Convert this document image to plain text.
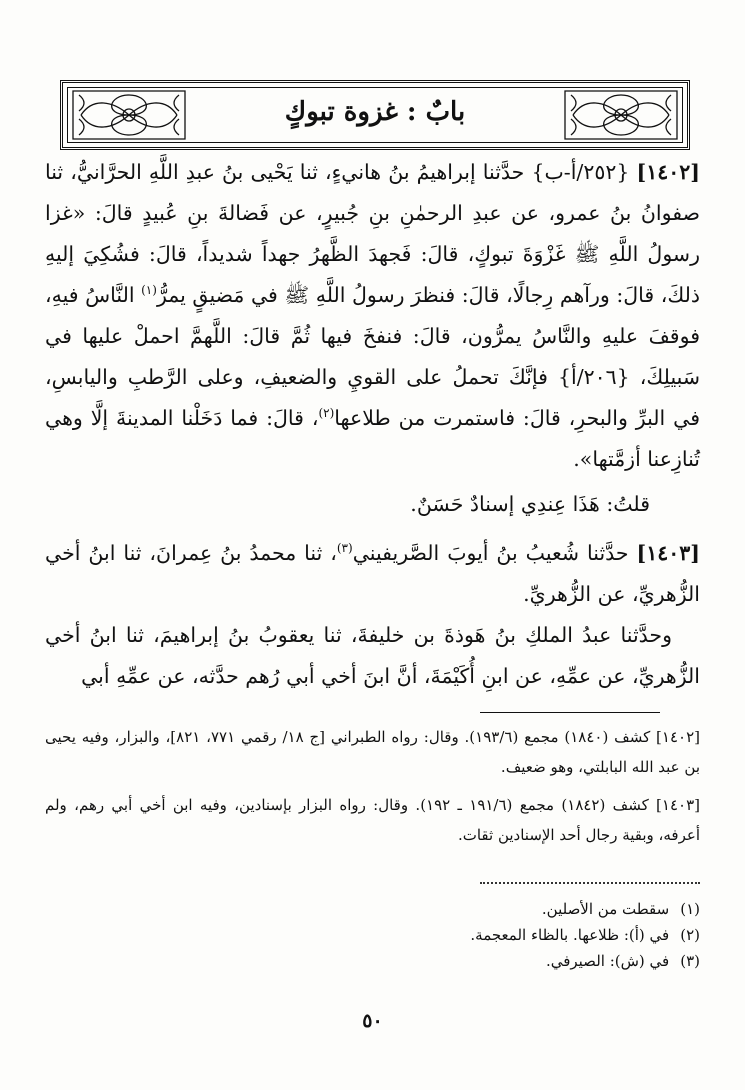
بابٌ : غزوة تبوكٍ

[١٤٠٢] {٢٥٢/أ-ب} حدَّثنا إبراهيمُ بنُ هانيءٍ، ثنا يَحْيى بنُ عبدِ اللَّهِ الحرَّانيُّ، ثنا صفوانُ بنُ عمرو، عن عبدِ الرحمٰنِ بنِ جُبيرٍ، عن فَضالةَ بنِ عُبيدٍ قالَ: «غزا رسولُ اللَّهِ ﷺ غَزْوَةَ تبوكٍ، قالَ: فَجهدَ الظَّهرُ جهداً شديداً، قالَ: فشُكِيَ إليهِ ذلكَ، قالَ: ورآهم رِجالًا، قالَ: فنظرَ رسولُ اللَّهِ ﷺ في مَضيقٍ يمرُّ$^{(١)}$ النَّاسُ فيهِ، فوقفَ عليهِ والنَّاسُ يمرُّون، قالَ: فنفخَ فيها ثُمَّ قالَ: اللَّهمَّ احملْ عليها في سَبيلِكَ، {٢٠٦/أ} فإنَّكَ تحملُ على القويِ والضعيفِ، وعلى الرَّطبِ واليابسِ، في البرِّ والبحرِ، قالَ: فاستمرت من طلاعها$^{(٢)}$، قالَ: فما دَخَلْنا المدينةَ إلَّا وهي تُنازِعنا أزمَّتها».

قلتُ: هَذَا عِندِي إسنادٌ حَسَنٌ.

[١٤٠٣] حدَّثنا شُعيبُ بنُ أيوبَ الصَّريفيني$^{(٣)}$، ثنا محمدُ بنُ عِمرانَ، ثنا ابنُ أخي الزُّهريِّ، عن الزُّهريِّ.

وحدَّثنا عبدُ الملكِ بنُ هَوذةَ بن خليفةَ، ثنا يعقوبُ بنُ إبراهيمَ، ثنا ابنُ أخي الزُّهريِّ، عن عمِّهِ، عن ابنِ أُكَيْمَةَ، أنَّ ابنَ أخي أبي رُهم حدَّثه، عن عمِّهِ أبي

[١٤٠٢] كشف (١٨٤٠) مجمع (١٩٣/٦). وقال: رواه الطبراني [ج ١٨/ رقمي ٧٧١، ٨٢١]، والبزار، وفيه يحيى بن عبد الله البابلتي، وهو ضعيف.

[١٤٠٣] كشف (١٨٤٢) مجمع (١٩١/٦ ـ ١٩٢). وقال: رواه البزار بإسنادين، وفيه ابن أخي أبي رهم، ولم أعرفه، وبقية رجال أحد الإسنادين ثقات.

(١) سقطت من الأصلين.
(٢) في (أ): ظلاعها. بالظاء المعجمة.
(٣) في (ش): الصيرفي.
٥٠
